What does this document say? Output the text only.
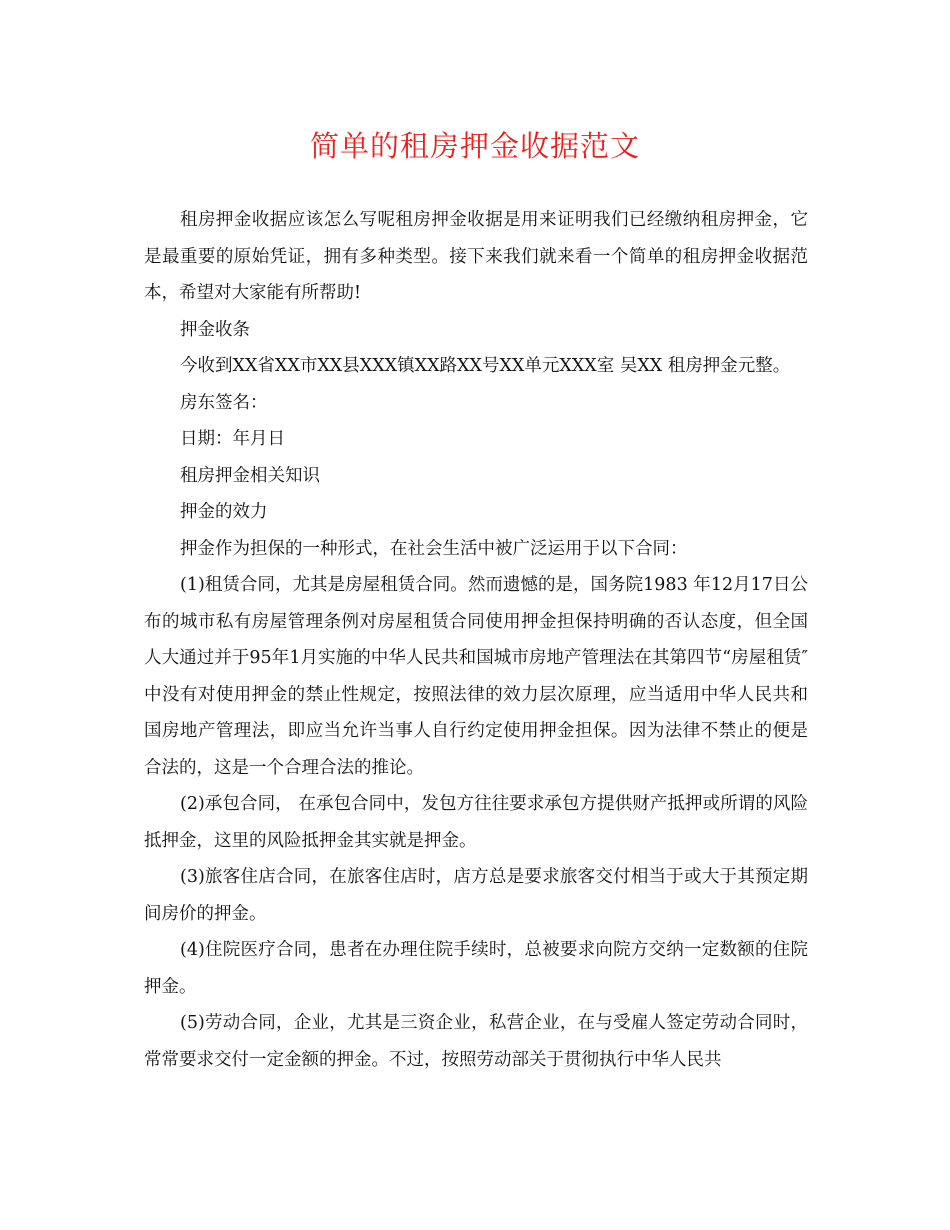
简单的租房押金收据范文

租房押金收据应该怎么写呢租房押金收据是用来证明我们已经缴纳租房押金，它是最重要的原始凭证，拥有多种类型。接下来我们就来看一个简单的租房押金收据范本，希望对大家能有所帮助!

押金收条

今收到XX省XX市XX县XXX镇XX路XX号XX单元XXX室 吴XX 租房押金元整。

房东签名：

日期：年月日

租房押金相关知识

押金的效力

押金作为担保的一种形式，在社会生活中被广泛运用于以下合同：

(1)租赁合同，尤其是房屋租赁合同。然而遗憾的是，国务院1983 年12月17日公布的城市私有房屋管理条例对房屋租赁合同使用押金担保持明确的否认态度，但全国人大通过并于95年1月实施的中华人民共和国城市房地产管理法在其第四节“房屋租赁″ 中没有对使用押金的禁止性规定，按照法律的效力层次原理，应当适用中华人民共和国房地产管理法，即应当允许当事人自行约定使用押金担保。因为法律不禁止的便是合法的，这是一个合理合法的推论。

(2)承包合同， 在承包合同中，发包方往往要求承包方提供财产抵押或所谓的风险抵押金，这里的风险抵押金其实就是押金。

(3)旅客住店合同，在旅客住店时，店方总是要求旅客交付相当于或大于其预定期间房价的押金。

(4)住院医疗合同，患者在办理住院手续时，总被要求向院方交纳一定数额的住院押金。

(5)劳动合同，企业，尤其是三资企业，私营企业，在与受雇人签定劳动合同时，常常要求交付一定金额的押金。不过，按照劳动部关于贯彻执行中华人民共
